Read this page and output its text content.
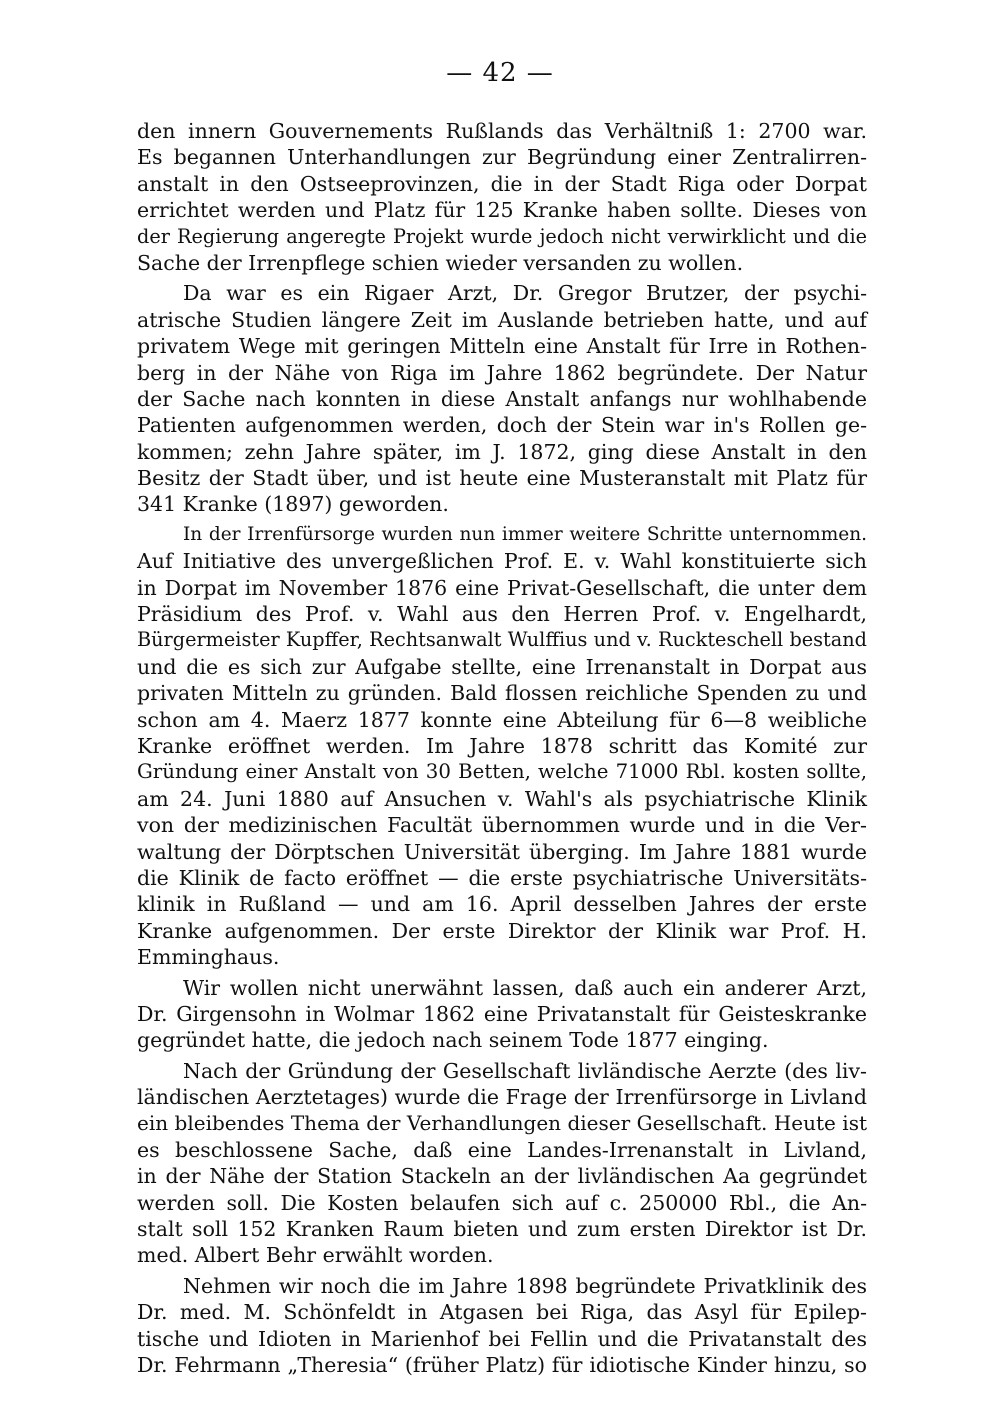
— 42 —
den innern Gouvernements Rußlands das Verhältniß 1: 2700 war.
Es begannen Unterhandlungen zur Begründung einer Zentralirren-
anstalt in den Ostseeprovinzen, die in der Stadt Riga oder Dorpat
errichtet werden und Platz für 125 Kranke haben sollte. Dieses von
der Regierung angeregte Projekt wurde jedoch nicht verwirklicht und die
Sache der Irrenpflege schien wieder versanden zu wollen.
Da war es ein Rigaer Arzt, Dr. Gregor Brutzer, der psychi-
atrische Studien längere Zeit im Auslande betrieben hatte, und auf
privatem Wege mit geringen Mitteln eine Anstalt für Irre in Rothen-
berg in der Nähe von Riga im Jahre 1862 begründete. Der Natur
der Sache nach konnten in diese Anstalt anfangs nur wohlhabende
Patienten aufgenommen werden, doch der Stein war in's Rollen ge-
kommen; zehn Jahre später, im J. 1872, ging diese Anstalt in den
Besitz der Stadt über, und ist heute eine Musteranstalt mit Platz für
341 Kranke (1897) geworden.
In der Irrenfürsorge wurden nun immer weitere Schritte unternommen.
Auf Initiative des unvergeßlichen Prof. E. v. Wahl konstituierte sich
in Dorpat im November 1876 eine Privat-Gesellschaft, die unter dem
Präsidium des Prof. v. Wahl aus den Herren Prof. v. Engelhardt,
Bürgermeister Kupffer, Rechtsanwalt Wulffius und v. Ruckteschell bestand
und die es sich zur Aufgabe stellte, eine Irrenanstalt in Dorpat aus
privaten Mitteln zu gründen. Bald flossen reichliche Spenden zu und
schon am 4. Maerz 1877 konnte eine Abteilung für 6—8 weibliche
Kranke eröffnet werden. Im Jahre 1878 schritt das Komité zur
Gründung einer Anstalt von 30 Betten, welche 71000 Rbl. kosten sollte,
am 24. Juni 1880 auf Ansuchen v. Wahl's als psychiatrische Klinik
von der medizinischen Facultät übernommen wurde und in die Ver-
waltung der Dörptschen Universität überging. Im Jahre 1881 wurde
die Klinik de facto eröffnet — die erste psychiatrische Universitäts-
klinik in Rußland — und am 16. April desselben Jahres der erste
Kranke aufgenommen. Der erste Direktor der Klinik war Prof. H.
Emminghaus.
Wir wollen nicht unerwähnt lassen, daß auch ein anderer Arzt,
Dr. Girgensohn in Wolmar 1862 eine Privatanstalt für Geisteskranke
gegründet hatte, die jedoch nach seinem Tode 1877 einging.
Nach der Gründung der Gesellschaft livländische Aerzte (des liv-
ländischen Aerztetages) wurde die Frage der Irrenfürsorge in Livland
ein bleibendes Thema der Verhandlungen dieser Gesellschaft. Heute ist
es beschlossene Sache, daß eine Landes-Irrenanstalt in Livland,
in der Nähe der Station Stackeln an der livländischen Aa gegründet
werden soll. Die Kosten belaufen sich auf c. 250000 Rbl., die An-
stalt soll 152 Kranken Raum bieten und zum ersten Direktor ist Dr.
med. Albert Behr erwählt worden.
Nehmen wir noch die im Jahre 1898 begründete Privatklinik des
Dr. med. M. Schönfeldt in Atgasen bei Riga, das Asyl für Epilep-
tische und Idioten in Marienhof bei Fellin und die Privatanstalt des
Dr. Fehrmann „Theresia“ (früher Platz) für idiotische Kinder hinzu, so
